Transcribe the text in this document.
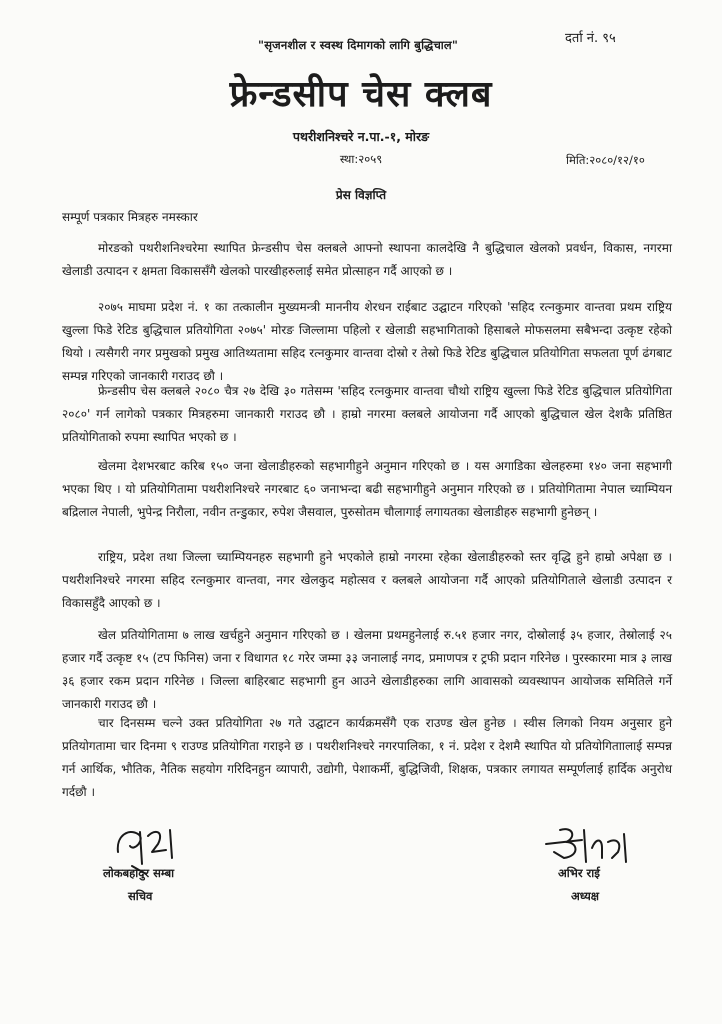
"सृजनशील र स्वस्थ दिमागको लागि बुद्धिचाल"	दर्ता नं. ९५
फ्रेन्डसीप चेस क्लब
पथरीशनिश्चरे न.पा.-१, मोरङ
स्था:२०५९	मिति:२०८०/१२/१०
प्रेस विज्ञप्ति
सम्पूर्ण पत्रकार मित्रहरु नमस्कार

मोरङको पथरीशनिश्चरेमा स्थापित फ्रेन्डसीप चेस क्लबले आफ्नो स्थापना कालदेखि नै बुद्धिचाल खेलको प्रवर्धन, विकास, नगरमा खेलाडी उत्पादन र क्षमता विकाससँगै खेलको पारखीहरुलाई समेत प्रोत्साहन गर्दै आएको छ ।

२०७५ माघमा प्रदेश नं. १ का तत्कालीन मुख्यमन्त्री माननीय शेरधन राईबाट उद्घाटन गरिएको 'सहिद रत्नकुमार वान्तवा प्रथम राष्ट्रिय खुल्ला फिडे रेटिड बुद्धिचाल प्रतियोगिता २०७५' मोरङ जिल्लामा पहिलो र खेलाडी सहभागिताको हिसाबले मोफसलमा सबैभन्दा उत्कृष्ट रहेको थियो । त्यसैगरी नगर प्रमुखको प्रमुख आतिथ्यतामा सहिद रत्नकुमार वान्तवा दोस्रो र तेस्रो फिडे रेटिड बुद्धिचाल प्रतियोगिता सफलता पूर्ण ढंगबाट सम्पन्न गरिएको जानकारी गराउद छौ ।

फ्रेन्डसीप चेस क्लबले २०८० चैत्र २७ देखि ३० गतेसम्म 'सहिद रत्नकुमार वान्तवा चौथो राष्ट्रिय खुल्ला फिडे रेटिड बुद्धिचाल प्रतियोगिता २०८०' गर्न लागेको पत्रकार मित्रहरुमा जानकारी गराउद छौ । हाम्रो नगरमा क्लबले आयोजना गर्दै आएको बुद्धिचाल खेल देशकै प्रतिष्ठित प्रतियोगिताको रुपमा स्थापित भएको छ ।

खेलमा देशभरबाट करिब १५० जना खेलाडीहरुको सहभागीहुने अनुमान गरिएको छ । यस अगाडिका खेलहरुमा १४० जना सहभागी भएका थिए । यो प्रतियोगितामा पथरीशनिश्चरे नगरबाट ६० जनाभन्दा बढी सहभागीहुने अनुमान गरिएको छ । प्रतियोगितामा नेपाल च्याम्पियन बद्रिलाल नेपाली, भुपेन्द्र निरौला, नवीन तन्डुकार, रुपेश जैसवाल, पुरुसोतम चौलागाई लगायतका खेलाडीहरु सहभागी हुनेछन् ।

राष्ट्रिय, प्रदेश तथा जिल्ला च्याम्पियनहरु सहभागी हुने भएकोले हाम्रो नगरमा रहेका खेलाडीहरुको स्तर वृद्धि हुने हाम्रो अपेक्षा छ । पथरीशनिश्चरे नगरमा सहिद रत्नकुमार वान्तवा, नगर खेलकुद महोत्सव र क्लबले आयोजना गर्दै आएको प्रतियोगिताले खेलाडी उत्पादन र विकासहुँदै आएको छ ।

खेल प्रतियोगितामा ७ लाख खर्चहुने अनुमान गरिएको छ । खेलमा प्रथमहुनेलाई रु.५१ हजार नगर, दोस्रोलाई ३५ हजार, तेस्रोलाई २५ हजार गर्दै उत्कृष्ट १५ (टप फिनिस) जना र विधागत १८ गरेर जम्मा ३३ जनालाई नगद, प्रमाणपत्र र ट्रफी प्रदान गरिनेछ । पुरस्कारमा मात्र ३ लाख ३६ हजार रकम प्रदान गरिनेछ । जिल्ला बाहिरबाट सहभागी हुन आउने खेलाडीहरुका लागि आवासको व्यवस्थापन आयोजक समितिले गर्ने जानकारी गराउद छौ ।

चार दिनसम्म चल्ने उक्त प्रतियोगिता २७ गते उद्घाटन कार्यक्रमसँगै एक राउण्ड खेल हुनेछ । स्वीस लिगको नियम अनुसार हुने प्रतियोगतामा चार दिनमा ९ राउण्ड प्रतियोगिता गराइने छ । पथरीशनिश्चरे नगरपालिका, १ नं. प्रदेश र देशमै स्थापित यो प्रतियोगिताालाई सम्पन्न गर्न आर्थिक, भौतिक, नैतिक सहयोग गरिदिनहुन व्यापारी, उद्योगी, पेशाकर्मी, बुद्धिजिवी, शिक्षक, पत्रकार लगायत सम्पूर्णलाई हार्दिक अनुरोध गर्दछौ ।

लोकबहादुर सम्बा
सचिव
अभिर राई
अध्यक्ष
